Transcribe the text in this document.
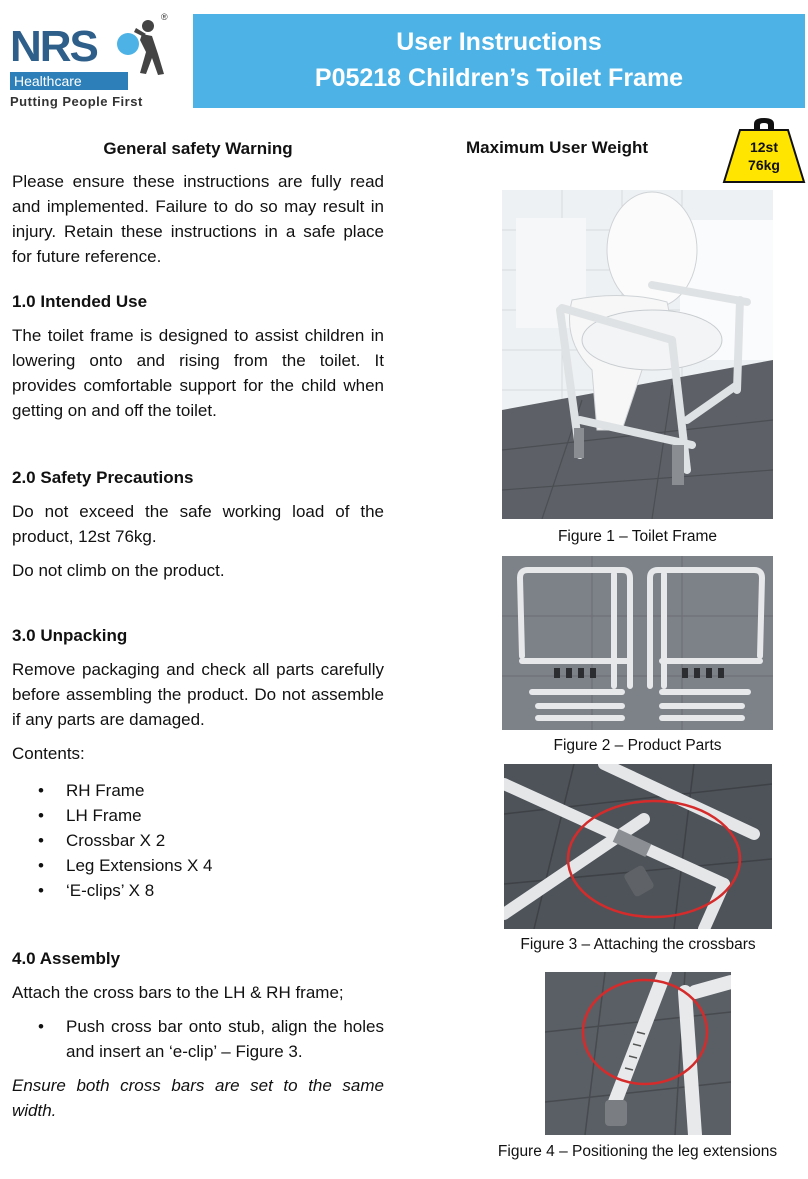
NRS
®
Healthcare
Putting People First
User Instructions
P05218 Children’s Toilet Frame
General safety Warning

Please ensure these instructions are fully read and implemented. Failure to do so may result in injury. Retain these instructions in a safe place for future reference.

1.0 Intended Use

The toilet frame is designed to assist children in lowering onto and rising from the toilet. It provides comfortable support for the child when getting on and off the toilet.

2.0 Safety Precautions

Do not exceed the safe working load of the product, 12st 76kg.

Do not climb on the product.

3.0 Unpacking

Remove packaging and check all parts carefully before assembling the product. Do not assemble if any parts are damaged.

Contents:

• RH Frame
• LH Frame
• Crossbar X 2
• Leg Extensions X 4
• ‘E-clips’ X 8
4.0 Assembly

Attach the cross bars to the LH & RH frame;

• Push cross bar onto stub, align the holes and insert an ‘e-clip’ – Figure 3.

Ensure both cross bars are set to the same width.

Maximum User Weight	12st
76kg
Figure 1 – Toilet Frame
Figure 2 – Product Parts
Figure 3 – Attaching the crossbars
Figure 4 – Positioning the leg extensions
